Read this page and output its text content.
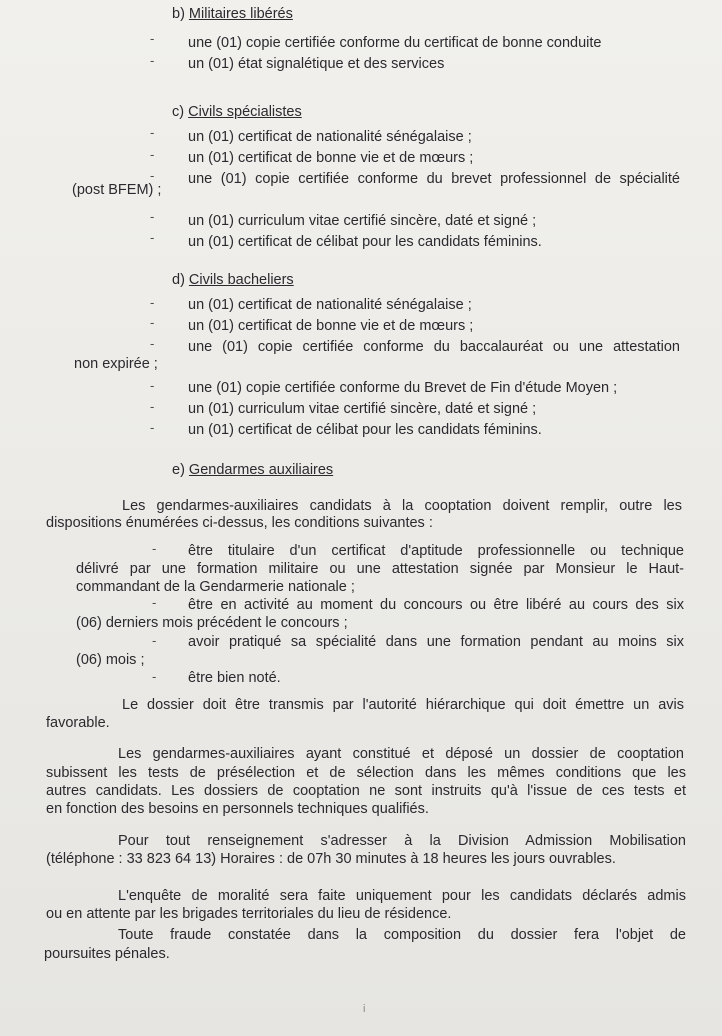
b) Militaires libérés
- une (01) copie certifiée conforme du certificat de bonne conduite
- un (01) état signalétique et des services
c) Civils spécialistes
- un (01) certificat de nationalité sénégalaise ;
- un (01) certificat de bonne vie et de mœurs ;
- une (01) copie certifiée conforme du brevet professionnel de spécialité
(post BFEM) ;
- un (01) curriculum vitae certifié sincère, daté et signé ;
- un (01) certificat de célibat pour les candidats féminins.
d) Civils bacheliers
- un (01) certificat de nationalité sénégalaise ;
- un (01) certificat de bonne vie et de mœurs ;
- une (01) copie certifiée conforme du baccalauréat ou une attestation
non expirée ;
- une (01) copie certifiée conforme du Brevet de Fin d'étude Moyen ;
- un (01) curriculum vitae certifié sincère, daté et signé ;
- un (01) certificat de célibat pour les candidats féminins.
e) Gendarmes auxiliaires
Les gendarmes-auxiliaires candidats à la cooptation doivent remplir, outre les
dispositions énumérées ci-dessus, les conditions suivantes :
- être titulaire d'un certificat d'aptitude professionnelle ou technique
délivré par une formation militaire ou une attestation signée par Monsieur le Haut-
commandant de la Gendarmerie nationale ;
- être en activité au moment du concours ou être libéré au cours des six
(06) derniers mois précédent le concours ;
- avoir pratiqué sa spécialité dans une formation pendant au moins six
(06) mois ;
- être bien noté.
Le dossier doit être transmis par l'autorité hiérarchique qui doit émettre un avis
favorable.
Les gendarmes-auxiliaires ayant constitué et déposé un dossier de cooptation
subissent les tests de présélection et de sélection dans les mêmes conditions que les
autres candidats. Les dossiers de cooptation ne sont instruits qu'à l'issue de ces tests et
en fonction des besoins en personnels techniques qualifiés.
Pour tout renseignement s'adresser à la Division Admission Mobilisation
(téléphone : 33 823 64 13) Horaires : de 07h 30 minutes à 18 heures les jours ouvrables.
L'enquête de moralité sera faite uniquement pour les candidats déclarés admis
ou en attente par les brigades territoriales du lieu de résidence.
Toute fraude constatée dans la composition du dossier fera l'objet de
poursuites pénales.
i
